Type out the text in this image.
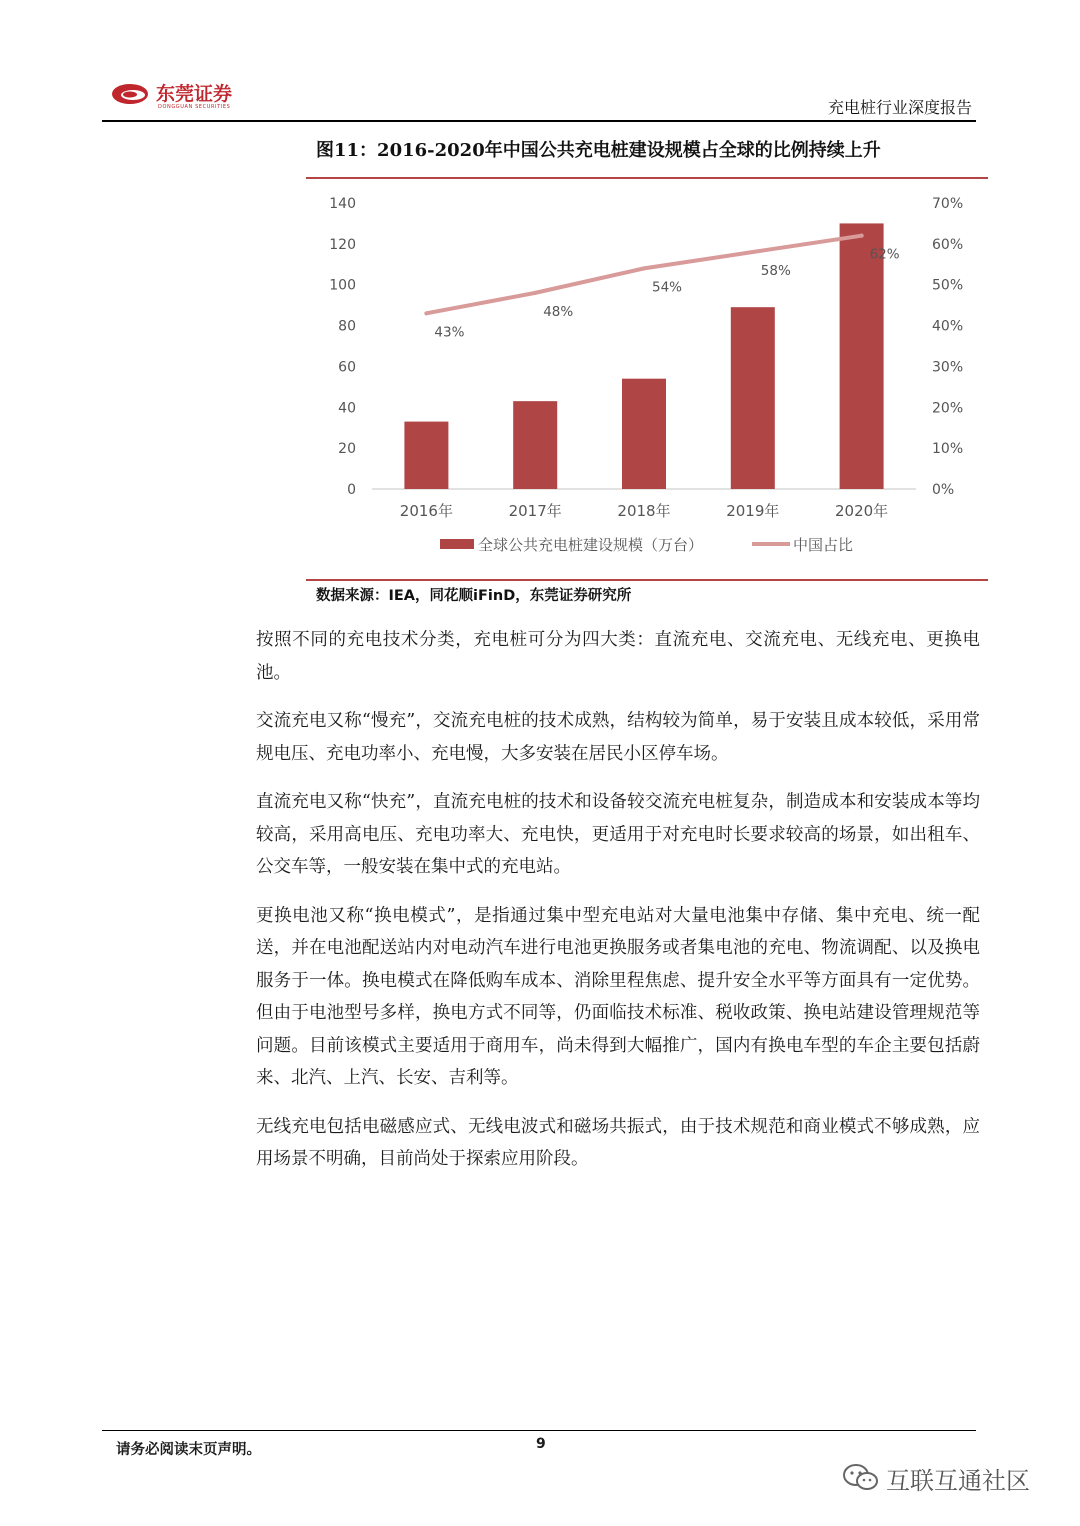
东莞证券
DONGGUAN SECURITIES	充电桩行业深度报告
图11：2016-2020年中国公共充电桩建设规模占全球的比例持续上升
0
20
40
60
80
100
120
140
0%
10%
20%
30%
40%
50%
60%
70%
2016年	2017年	2018年	2019年	2020年
43%
48%
54%
58%
62%
全球公共充电桩建设规模（万台）	中国占比
数据来源：IEA，同花顺iFinD，东莞证券研究所

按照不同的充电技术分类，充电桩可分为四大类：直流充电、交流充电、无线充电、更换电池。

交流充电又称“慢充”，交流充电桩的技术成熟，结构较为简单，易于安装且成本较低，采用常规电压、充电功率小、充电慢，大多安装在居民小区停车场。

直流充电又称“快充”，直流充电桩的技术和设备较交流充电桩复杂，制造成本和安装成本等均较高，采用高电压、充电功率大、充电快，更适用于对充电时长要求较高的场景，如出租车、公交车等，一般安装在集中式的充电站。

更换电池又称“换电模式”，是指通过集中型充电站对大量电池集中存储、集中充电、统一配送，并在电池配送站内对电动汽车进行电池更换服务或者集电池的充电、物流调配、以及换电服务于一体。换电模式在降低购车成本、消除里程焦虑、提升安全水平等方面具有一定优势。但由于电池型号多样，换电方式不同等，仍面临技术标准、税收政策、换电站建设管理规范等问题。目前该模式主要适用于商用车，尚未得到大幅推广，国内有换电车型的车企主要包括蔚来、北汽、上汽、长安、吉利等。

无线充电包括电磁感应式、无线电波式和磁场共振式，由于技术规范和商业模式不够成熟，应用场景不明确，目前尚处于探索应用阶段。

请务必阅读末页声明。	9
互联互通社区
